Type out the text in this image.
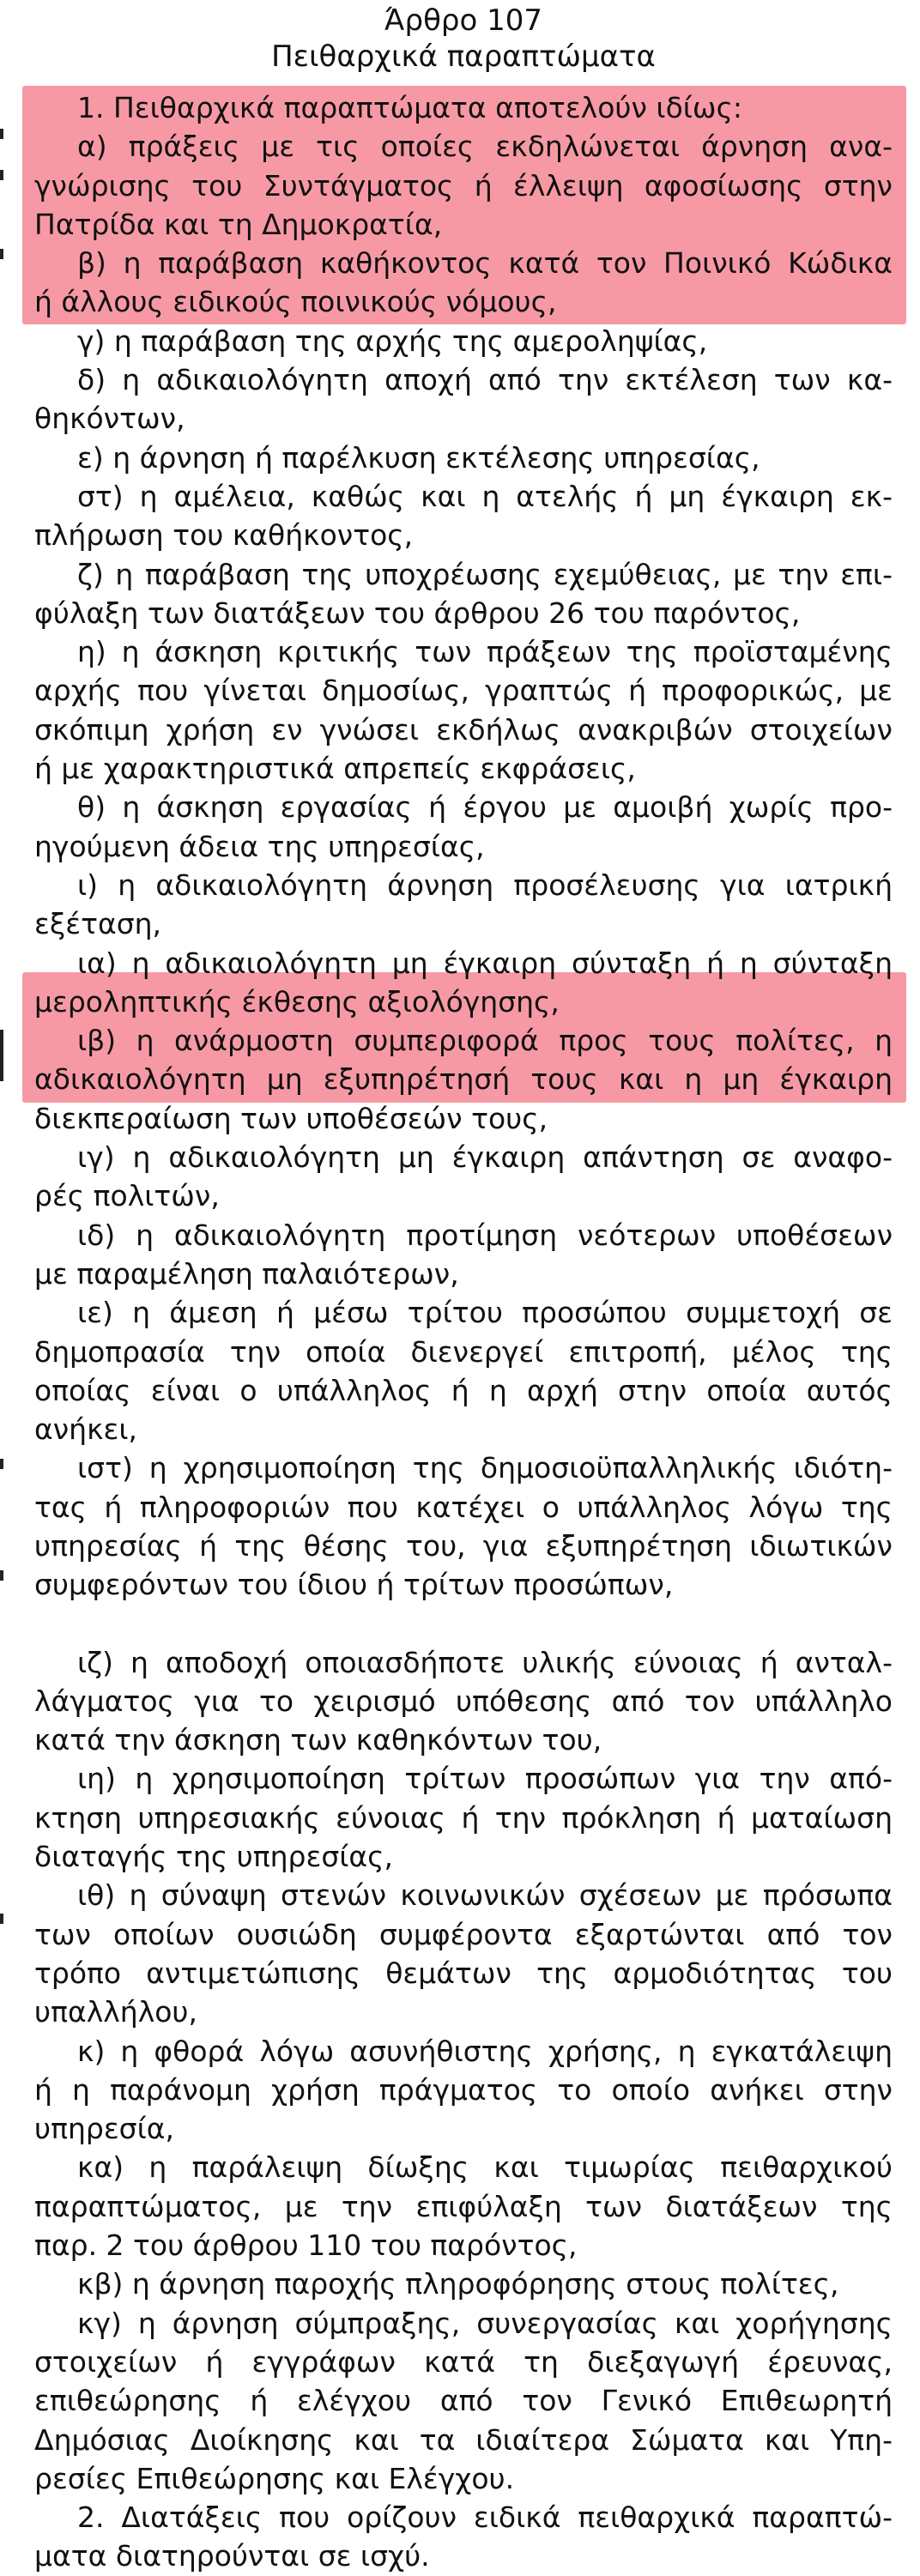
Άρθρο 107
Πειθαρχικά παραπτώματα

1. Πειθαρχικά παραπτώματα αποτελούν ιδίως:

α) πράξεις με τις οποίες εκδηλώνεται άρνηση ανα-
γνώρισης του Συντάγματος ή έλλειψη αφοσίωσης στην
Πατρίδα και τη Δημοκρατία,

β) η παράβαση καθήκοντος κατά τον Ποινικό Κώδικα
ή άλλους ειδικούς ποινικούς νόμους,

γ) η παράβαση της αρχής της αμεροληψίας,

δ) η αδικαιολόγητη αποχή από την εκτέλεση των κα-
θηκόντων,

ε) η άρνηση ή παρέλκυση εκτέλεσης υπηρεσίας,

στ) η αμέλεια, καθώς και η ατελής ή μη έγκαιρη εκ-
πλήρωση του καθήκοντος,

ζ) η παράβαση της υποχρέωσης εχεμύθειας, με την επι-
φύλαξη των διατάξεων του άρθρου 26 του παρόντος,

η) η άσκηση κριτικής των πράξεων της προϊσταμένης
αρχής που γίνεται δημοσίως, γραπτώς ή προφορικώς, με
σκόπιμη χρήση εν γνώσει εκδήλως ανακριβών στοιχείων
ή με χαρακτηριστικά απρεπείς εκφράσεις,

θ) η άσκηση εργασίας ή έργου με αμοιβή χωρίς προ-
ηγούμενη άδεια της υπηρεσίας,

ι) η αδικαιολόγητη άρνηση προσέλευσης για ιατρική
εξέταση,

ια) η αδικαιολόγητη μη έγκαιρη σύνταξη ή η σύνταξη
μεροληπτικής έκθεσης αξιολόγησης,

ιβ) η ανάρμοστη συμπεριφορά προς τους πολίτες, η
αδικαιολόγητη μη εξυπηρέτησή τους και η μη έγκαιρη
διεκπεραίωση των υποθέσεών τους,

ιγ) η αδικαιολόγητη μη έγκαιρη απάντηση σε αναφο-
ρές πολιτών,

ιδ) η αδικαιολόγητη προτίμηση νεότερων υποθέσεων
με παραμέληση παλαιότερων,

ιε) η άμεση ή μέσω τρίτου προσώπου συμμετοχή σε
δημοπρασία την οποία διενεργεί επιτροπή, μέλος της
οποίας είναι ο υπάλληλος ή η αρχή στην οποία αυτός
ανήκει,

ιστ) η χρησιμοποίηση της δημοσιοϋπαλληλικής ιδιότη-
τας ή πληροφοριών που κατέχει ο υπάλληλος λόγω της
υπηρεσίας ή της θέσης του, για εξυπηρέτηση ιδιωτικών
συμφερόντων του ίδιου ή τρίτων προσώπων,

ιζ) η αποδοχή οποιασδήποτε υλικής εύνοιας ή ανταλ-
λάγματος για το χειρισμό υπόθεσης από τον υπάλληλο
κατά την άσκηση των καθηκόντων του,

ιη) η χρησιμοποίηση τρίτων προσώπων για την από-
κτηση υπηρεσιακής εύνοιας ή την πρόκληση ή ματαίωση
διαταγής της υπηρεσίας,

ιθ) η σύναψη στενών κοινωνικών σχέσεων με πρόσωπα
των οποίων ουσιώδη συμφέροντα εξαρτώνται από τον
τρόπο αντιμετώπισης θεμάτων της αρμοδιότητας του
υπαλλήλου,

κ) η φθορά λόγω ασυνήθιστης χρήσης, η εγκατάλειψη
ή η παράνομη χρήση πράγματος το οποίο ανήκει στην
υπηρεσία,

κα) η παράλειψη δίωξης και τιμωρίας πειθαρχικού
παραπτώματος, με την επιφύλαξη των διατάξεων της
παρ. 2 του άρθρου 110 του παρόντος,

κβ) η άρνηση παροχής πληροφόρησης στους πολίτες,

κγ) η άρνηση σύμπραξης, συνεργασίας και χορήγησης
στοιχείων ή εγγράφων κατά τη διεξαγωγή έρευνας,
επιθεώρησης ή ελέγχου από τον Γενικό Επιθεωρητή
Δημόσιας Διοίκησης και τα ιδιαίτερα Σώματα και Υπη-
ρεσίες Επιθεώρησης και Ελέγχου.

2. Διατάξεις που ορίζουν ειδικά πειθαρχικά παραπτώ-
ματα διατηρούνται σε ισχύ.
